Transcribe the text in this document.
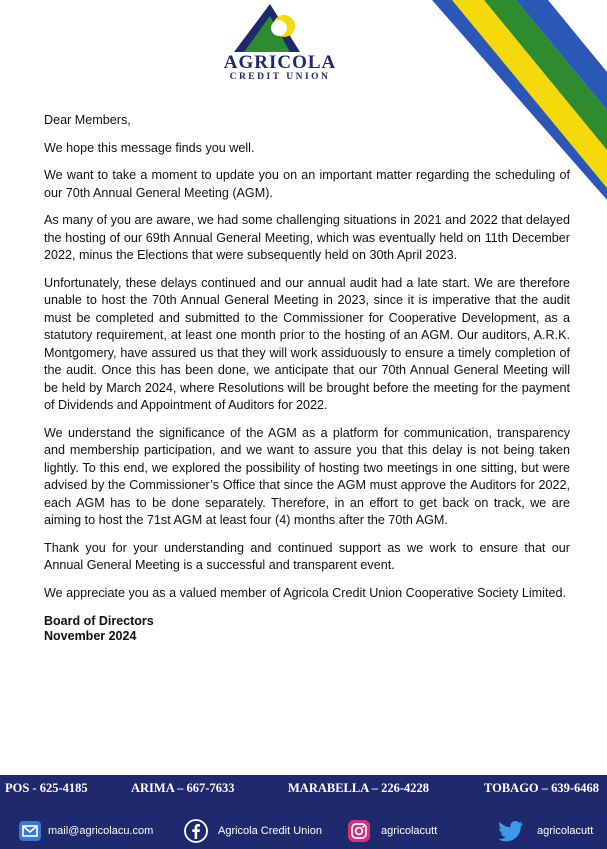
AGRICOLA
CREDIT UNION

Dear Members,

We hope this message finds you well.

We want to take a moment to update you on an important matter regarding the scheduling of our 70th Annual General Meeting (AGM).

As many of you are aware, we had some challenging situations in 2021 and 2022 that delayed the hosting of our 69th Annual General Meeting, which was eventually held on 11th December 2022, minus the Elections that were subsequently held on 30th April 2023.

Unfortunately, these delays continued and our annual audit had a late start. We are therefore unable to host the 70th Annual General Meeting in 2023, since it is imperative that the audit must be completed and submitted to the Commissioner for Cooperative Development, as a statutory requirement, at least one month prior to the hosting of an AGM. Our auditors, A.R.K. Montgomery, have assured us that they will work assiduously to ensure a timely completion of the audit. Once this has been done, we anticipate that our 70th Annual General Meeting will be held by March 2024, where Resolutions will be brought before the meeting for the payment of Dividends and Appointment of Auditors for 2022.

We understand the significance of the AGM as a platform for communication, transparency and membership participation, and we want to assure you that this delay is not being taken lightly. To this end, we explored the possibility of hosting two meetings in one sitting, but were advised by the Commissioner’s Office that since the AGM must approve the Auditors for 2022, each AGM has to be done separately. Therefore, in an effort to get back on track, we are aiming to host the 71st AGM at least four (4) months after the 70th AGM.

Thank you for your understanding and continued support as we work to ensure that our Annual General Meeting is a successful and transparent event.

We appreciate you as a valued member of Agricola Credit Union Cooperative Society Limited.

Board of Directors
November 2024
POS - 625-4185	ARIMA – 667-7633	MARABELLA – 226-4228	TOBAGO – 639-6468
mail@agricolacu.com	Agricola Credit Union	agricolacutt	agricolacutt
